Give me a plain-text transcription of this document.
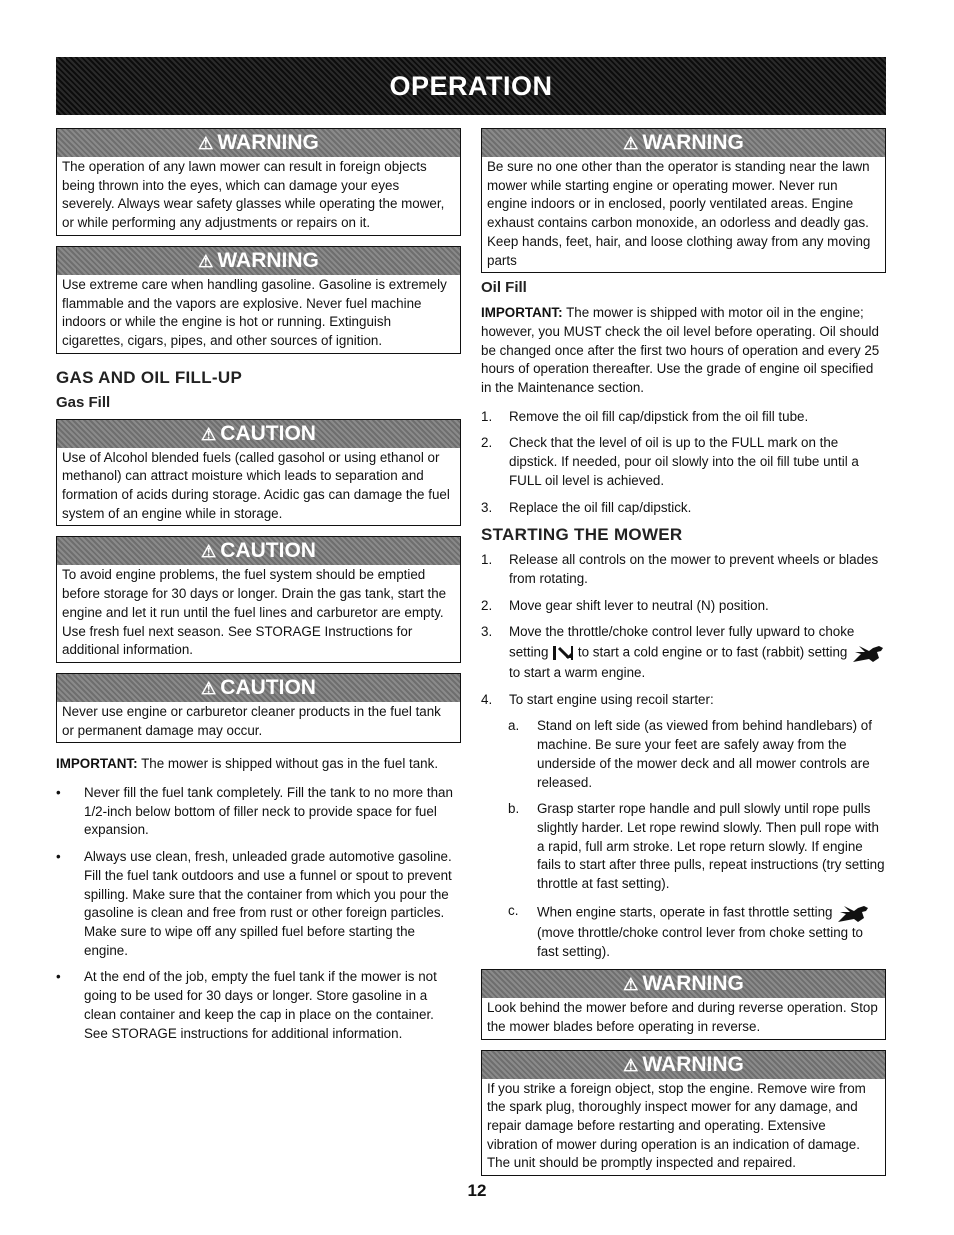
OPERATION
⚠ WARNING
The operation of any lawn mower can result in foreign objects being thrown into the eyes, which can damage your eyes severely. Always wear safety glasses while operating the mower, or while performing any adjustments or repairs on it.
⚠ WARNING
Use extreme care when handling gasoline. Gasoline is extremely flammable and the vapors are explosive. Never fuel machine indoors or while the engine is hot or running. Extinguish cigarettes, cigars, pipes, and other sources of ignition.
GAS AND OIL FILL-UP
Gas Fill
⚠ CAUTION
Use of Alcohol blended fuels (called gasohol or using ethanol or methanol) can attract moisture which leads to separation and formation of acids during storage. Acidic gas can damage the fuel system of an engine while in storage.
⚠ CAUTION
To avoid engine problems, the fuel system should be emptied before storage for 30 days or longer. Drain the gas tank, start the engine and let it run until the fuel lines and carburetor are empty. Use fresh fuel next season. See STORAGE Instructions for additional information.
⚠ CAUTION
Never use engine or carburetor cleaner products in the fuel tank or permanent damage may occur.

IMPORTANT: The mower is shipped without gas in the fuel tank.

• Never fill the fuel tank completely. Fill the tank to no more than 1/2-inch below bottom of filler neck to provide space for fuel expansion.
• Always use clean, fresh, unleaded grade automotive gasoline. Fill the fuel tank outdoors and use a funnel or spout to prevent spilling. Make sure that the container from which you pour the gasoline is clean and free from rust or other foreign particles. Make sure to wipe off any spilled fuel before starting the engine.
• At the end of the job, empty the fuel tank if the mower is not going to be used for 30 days or longer. Store gasoline in a clean container and keep the cap in place on the container. See STORAGE instructions for additional information.
⚠ WARNING
Be sure no one other than the operator is standing near the lawn mower while starting engine or operating mower. Never run engine indoors or in enclosed, poorly ventilated areas. Engine exhaust contains carbon monoxide, an odorless and deadly gas. Keep hands, feet, hair, and loose clothing away from any moving parts
Oil Fill

IMPORTANT: The mower is shipped with motor oil in the engine; however, you MUST check the oil level before operating. Oil should be changed once after the first two hours of operation and every 25 hours of operation thereafter. Use the grade of engine oil specified in the Maintenance section.

1. Remove the oil fill cap/dipstick from the oil fill tube.
2. Check that the level of oil is up to the FULL mark on the dipstick. If needed, pour oil slowly into the oil fill tube until a FULL oil level is achieved.
3. Replace the oil fill cap/dipstick.
STARTING THE MOWER
1. Release all controls on the mower to prevent wheels or blades from rotating.
2. Move gear shift lever to neutral (N) position.
3. Move the throttle/choke control lever fully upward to choke setting to start a cold engine or to fast (rabbit) setting  to start a warm engine.
4. To start engine using recoil starter:
a. Stand on left side (as viewed from behind handlebars) of machine. Be sure your feet are safely away from the underside of the mower deck and all mower controls are released.
b. Grasp starter rope handle and pull slowly until rope pulls slightly harder. Let rope rewind slowly. Then pull rope with a rapid, full arm stroke. Let rope return slowly. If engine fails to start after three pulls, repeat instructions (try setting throttle at fast setting).
c. When engine starts, operate in fast throttle setting  (move throttle/choke control lever from choke setting to fast setting).
⚠ WARNING
Look behind the mower before and during reverse operation. Stop the mower blades before operating in reverse.
⚠ WARNING
If you strike a foreign object, stop the engine. Remove wire from the spark plug, thoroughly inspect mower for any damage, and repair damage before restarting and operating. Extensive vibration of mower during operation is an indication of damage. The unit should be promptly inspected and repaired.
12
